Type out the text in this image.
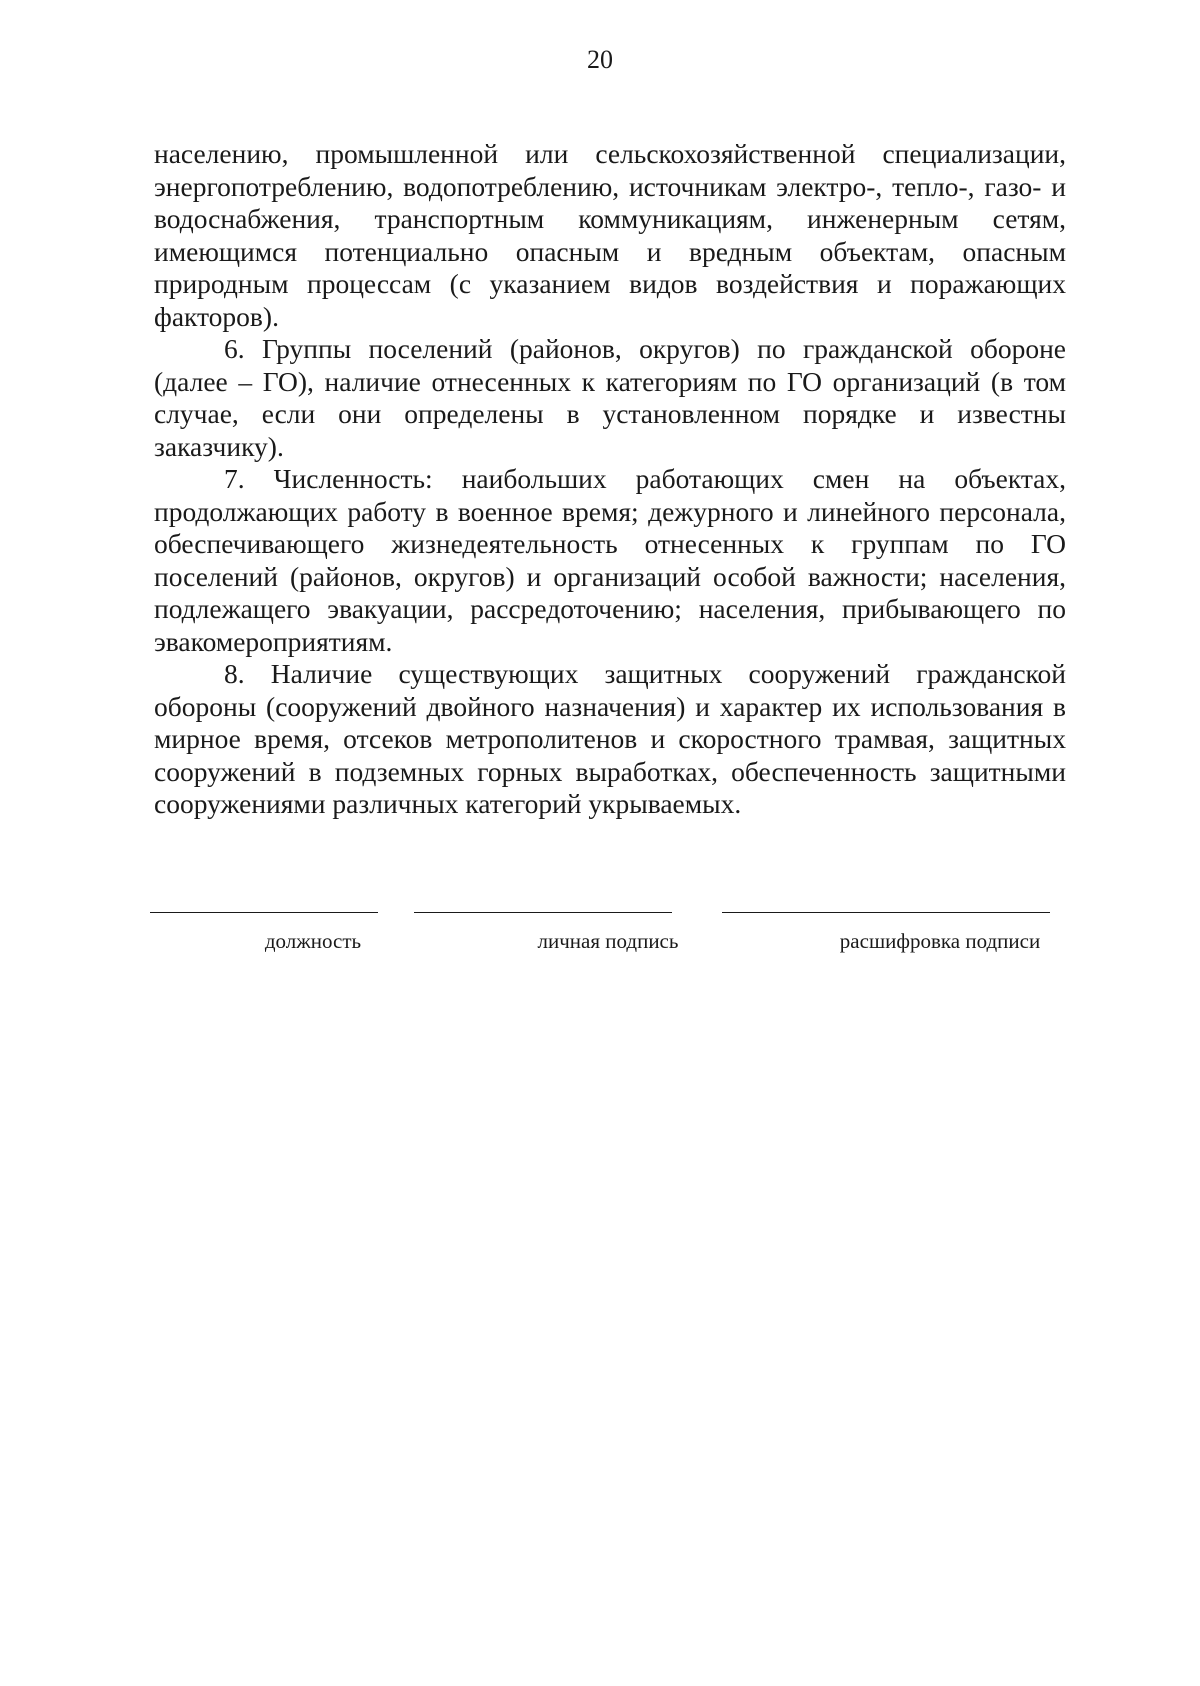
20

населению, промышленной или сельскохозяйственной специализации, энергопотреблению, водопотреблению, источникам электро-, тепло-, газо- и водоснабжения, транспортным коммуникациям, инженерным сетям, имеющимся потенциально опасным и вредным объектам, опасным природным процессам (с указанием видов воздействия и поражающих факторов).

6. Группы поселений (районов, округов) по гражданской обороне (далее – ГО), наличие отнесенных к категориям по ГО организаций (в том случае, если они определены в установленном порядке и известны заказчику).

7. Численность: наибольших работающих смен на объектах, продолжающих работу в военное время; дежурного и линейного персонала, обеспечивающего жизнедеятельность отнесенных к группам по ГО поселений (районов, округов) и организаций особой важности; населения, подлежащего эвакуации, рассредоточению; населения, прибывающего по эвакомероприятиям.

8. Наличие существующих защитных сооружений гражданской обороны (сооружений двойного назначения) и характер их использования в мирное время, отсеков метрополитенов и скоростного трамвая, защитных сооружений в подземных горных выработках, обеспеченность защитными сооружениями различных категорий укрываемых.

должность	личная подпись	расшифровка подписи
